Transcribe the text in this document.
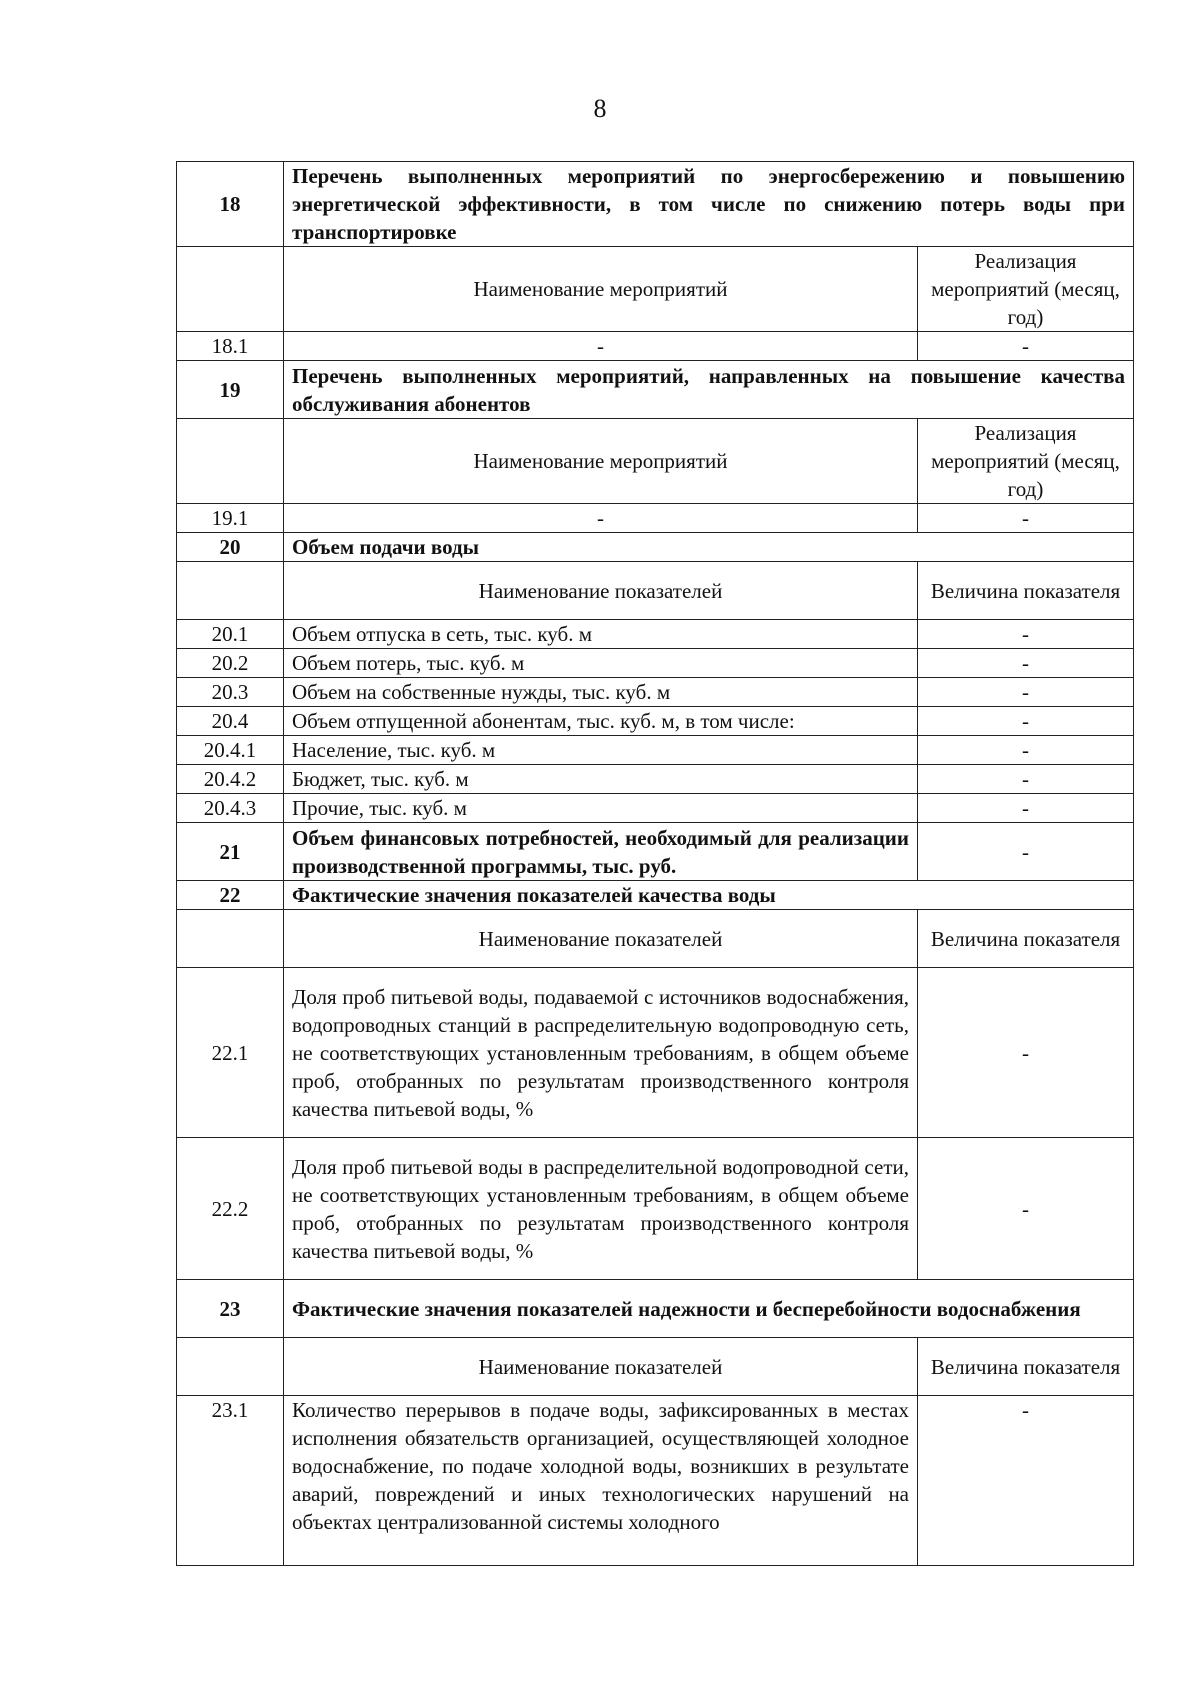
8
18	Перечень выполненных мероприятий по энергосбережению и повышению энергетической эффективности, в том числе по снижению потерь воды при транспортировке	
	Наименование мероприятий	Реализация мероприятий (месяц, год)
18.1	-	-
19	Перечень выполненных мероприятий, направленных на повышение качества обслуживания абонентов	
	Наименование мероприятий	Реализация мероприятий (месяц, год)
19.1	-	-
20	Объем подачи воды	
	Наименование показателей	Величина показателя
20.1	Объем отпуска в сеть, тыс. куб. м	-
20.2	Объем потерь, тыс. куб. м	-
20.3	Объем на собственные нужды, тыс. куб. м	-
20.4	Объем отпущенной абонентам, тыс. куб. м, в том числе:	-
20.4.1	Население, тыс. куб. м	-
20.4.2	Бюджет, тыс. куб. м	-
20.4.3	Прочие, тыс. куб. м	-
21	Объем финансовых потребностей, необходимый для реализации производственной программы, тыс. руб.	-
22	Фактические значения показателей качества воды	
	Наименование показателей	Величина показателя
22.1	Доля проб питьевой воды, подаваемой с источников водоснабжения, водопроводных станций в распределительную водопроводную сеть, не соответствующих установленным требованиям, в общем объеме проб, отобранных по результатам производственного контроля качества питьевой воды, %	-
22.2	Доля проб питьевой воды в распределительной водопроводной сети, не соответствующих установленным требованиям, в общем объеме проб, отобранных по результатам производственного контроля качества питьевой воды, %	-
23	Фактические значения показателей надежности и бесперебойности водоснабжения	
	Наименование показателей	Величина показателя
23.1	Количество перерывов в подаче воды, зафиксированных в местах исполнения обязательств организацией, осуществляющей холодное водоснабжение, по подаче холодной воды, возникших в результате аварий, повреждений и иных технологических нарушений на объектах централизованной системы холодного	-
